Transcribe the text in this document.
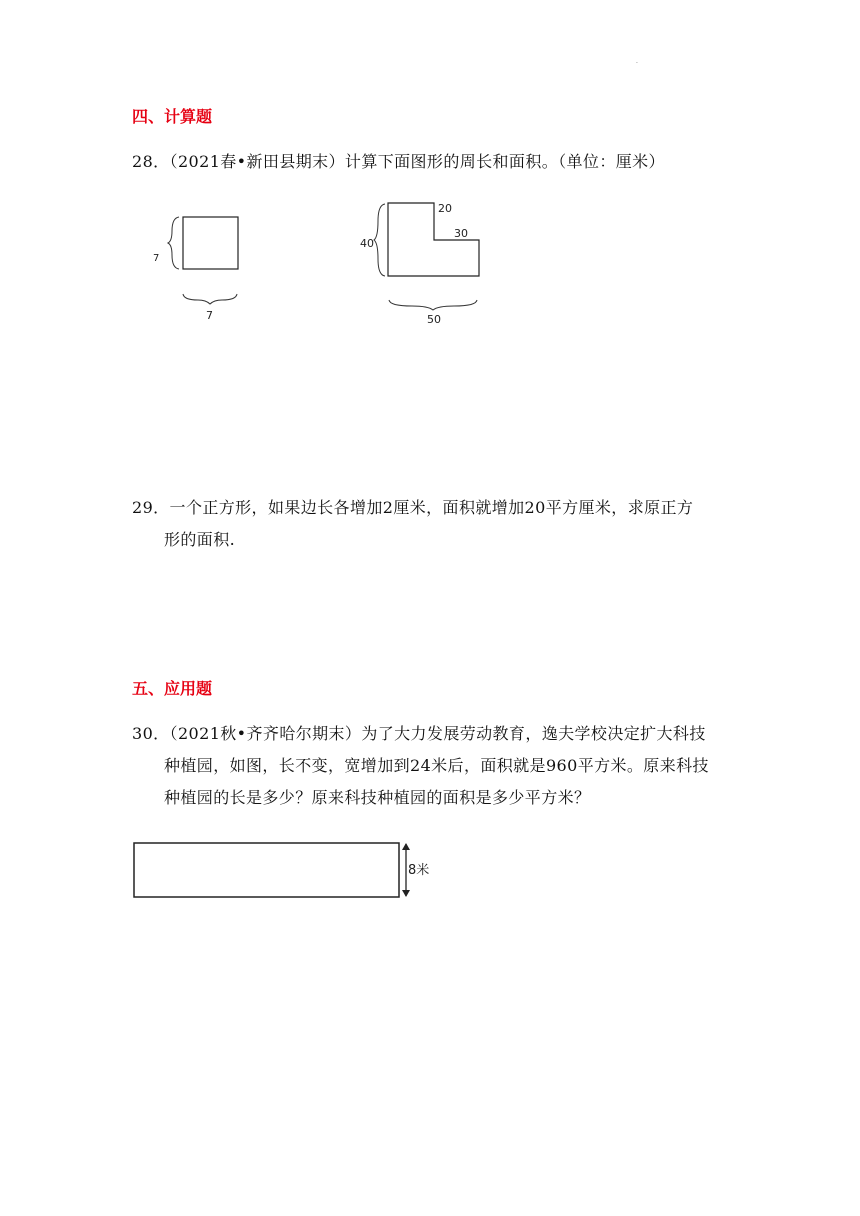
.
四、计算题
28．（2021春•新田县期末）计算下面图形的周长和面积。（单位：厘米）
7
7
40
20
30
50
29．一个正方形，如果边长各增加2厘米，面积就增加20平方厘米，求原正方
形的面积.
五、应用题
30．（2021秋•齐齐哈尔期末）为了大力发展劳动教育，逸夫学校决定扩大科技
种植园，如图，长不变，宽增加到24米后，面积就是960平方米。原来科技
种植园的长是多少？原来科技种植园的面积是多少平方米？
8米
